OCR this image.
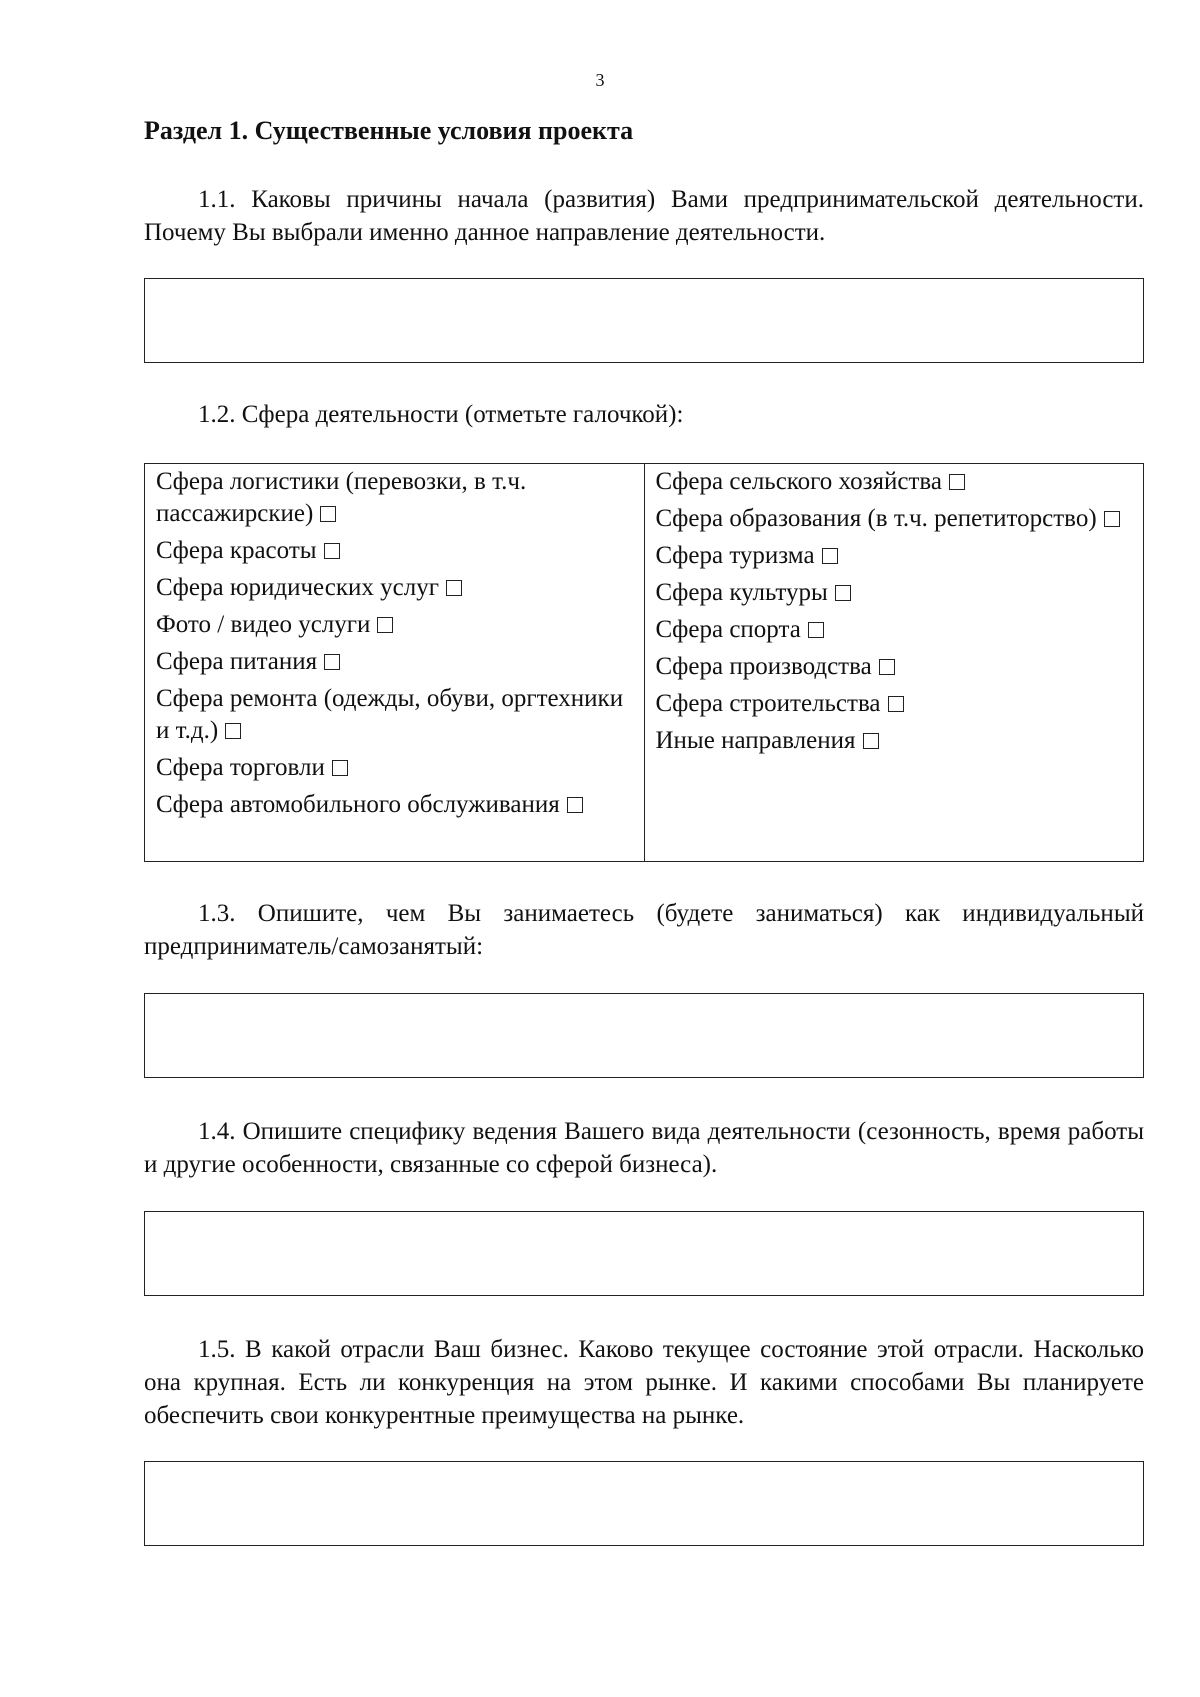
3
Раздел 1. Существенные условия проекта

1.1. Каковы причины начала (развития) Вами предпринимательской деятельности. Почему Вы выбрали именно данное направление деятельности.

1.2. Сфера деятельности (отметьте галочкой):

Сфера логистики (перевозки, в т.ч. пассажирские)
Сфера красоты
Сфера юридических услуг
Фото / видео услуги
Сфера питания
Сфера ремонта (одежды, обуви, оргтехники и т.д.)
Сфера торговли
Сфера автомобильного обслуживания
Сфера сельского хозяйства
Сфера образования (в т.ч. репетиторство)
Сфера туризма
Сфера культуры
Сфера спорта
Сфера производства
Сфера строительства
Иные направления

1.3. Опишите, чем Вы занимаетесь (будете заниматься) как индивидуальный предприниматель/самозанятый:

1.4. Опишите специфику ведения Вашего вида деятельности (сезонность, время работы и другие особенности, связанные со сферой бизнеса).

1.5. В какой отрасли Ваш бизнес. Каково текущее состояние этой отрасли. Насколько она крупная. Есть ли конкуренция на этом рынке. И какими способами Вы планируете обеспечить свои конкурентные преимущества на рынке.
